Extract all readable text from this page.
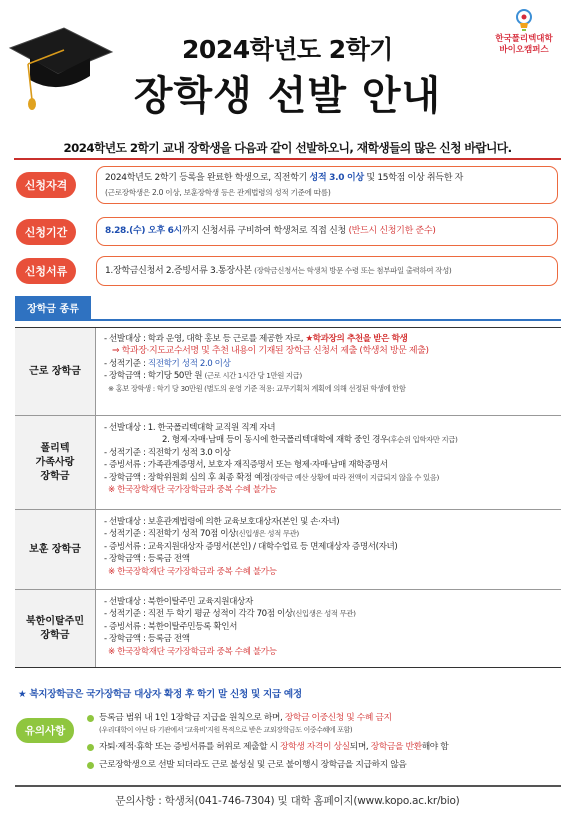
한국폴리텍대학
바이오캠퍼스
2024학년도 2학기
장학생 선발 안내
2024학년도 2학기 교내 장학생을 다음과 같이 선발하오니, 재학생들의 많은 신청 바랍니다.
신청자격
2024학년도 2학기 등록을 완료한 학생으로, 직전학기 성적 3.0 이상 및 15학점 이상 취득한 자
(근로장학생은 2.0 이상, 보훈장학생 등은 관계법령의 성적 기준에 따름)
신청기간	8.28.(수) 오후 6시까지 신청서류 구비하여 학생처로 직접 신청 (반드시 신청기한 준수)
신청서류	1.장학금신청서 2.증빙서류 3.통장사본 (장학금신청서는 학생처 방문 수령 또는 첨부파일 출력하여 작성)
장학금 종류
근로 장학금
- 선발대상 : 학과 운영, 대학 홍보 등 근로를 제공한 자로, ★학과장의 추천을 받은 학생
⇒ 학과장·지도교수서명 및 추천 내용이 기재된 장학금 신청서 제출 (학생처 방문 제출)
- 성적기준 : 직전학기 성적 2.0 이상
- 장학금액 : 학기당 50만 원 (근로 시간 1시간 당 1만원 지급)
※ 홍보 장학생 : 학기 당 30만원 (별도의 운영 기준 적용: 교무기획처 계획에 의해 선정된 학생에 한함
폴리텍
가족사랑
장학금
- 선발대상 : 1. 한국폴리텍대학 교직원 직계 자녀
2. 형제·자매·남매 등이 동시에 한국폴리텍대학에 재학 중인 경우(후순위 입학자만 지급)
- 성적기준 : 직전학기 성적 3.0 이상
- 증빙서류 : 가족관계증명서, 보호자 재직증명서 또는 형제·자매·남매 재학증명서
- 장학금액 : 장학위원회 심의 후 최종 확정 예정(장학금 예산 상황에 따라 전액이 지급되지 않을 수 있음)
※ 한국장학재단 국가장학금과 중복 수혜 불가능
보훈 장학금
- 선발대상 : 보훈관계법령에 의한 교육보호대상자(본인 및 손·자녀)
- 성적기준 : 직전학기 성적 70점 이상(신입생은 성적 무관)
- 증빙서류 : 교육지원대상자 증명서(본인) / 대학수업료 등 면제대상자 증명서(자녀)
- 장학금액 : 등록금 전액
※ 한국장학재단 국가장학금과 중복 수혜 불가능
북한이탈주민
장학금
- 선발대상 : 북한이탈주민 교육지원대상자
- 성적기준 : 직전 두 학기 평균 성적이 각각 70점 이상(신입생은 성적 무관)
- 증빙서류 : 북한이탈주민등록 확인서
- 장학금액 : 등록금 전액
※ 한국장학재단 국가장학금과 중복 수혜 불가능
★ 복지장학금은 국가장학금 대상자 확정 후 학기 말 신청 및 지급 예정
유의사항
등록금 범위 내 1인 1장학금 지급을 원칙으로 하며, 장학금 이중신청 및 수혜 금지
(우리대학이 아닌 타 기관에서 '교육비'지원 목적으로 받은 교외장학금도 이중수혜에 포함)
자퇴·제적·휴학 또는 증빙서류를 허위로 제출할 시 장학생 자격이 상실되며, 장학금을 반환해야 함
근로장학생으로 선발 되더라도 근로 불성실 및 근로 불이행시 장학금을 지급하지 않음
문의사항 : 학생처(041-746-7304) 및 대학 홈페이지(www.kopo.ac.kr/bio)
